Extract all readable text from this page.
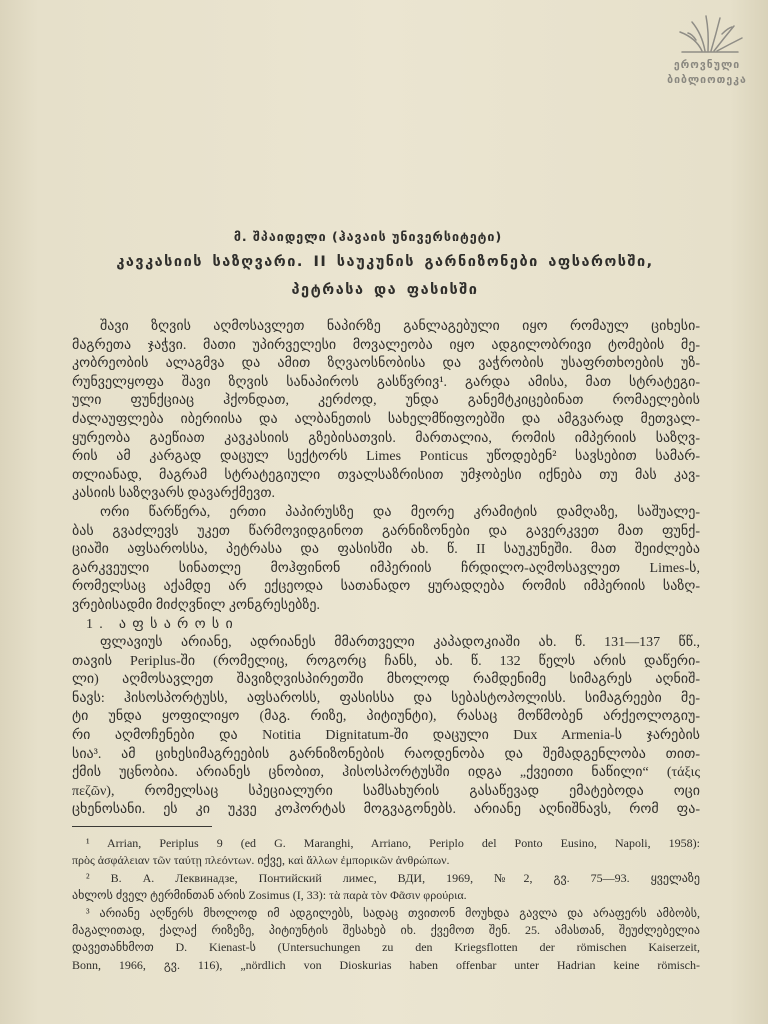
ეროვნული
ბიბლიოთეკა
მ. შპაიდელი (ჰავაის უნივერსიტეტი)
კავკასიის საზღვარი. II საუკუნის გარნიზონები აფსაროსში,
პეტრასა და ფასისში
შავი ზღვის აღმოსავლეთ ნაპირზე განლაგებული იყო რომაულ ციხესი-
მაგრეთა ჯაჭვი. მათი უპირველესი მოვალეობა იყო ადგილობრივი ტომების მე-
კობრეობის ალაგმვა და ამით ზღვაოსნობისა და ვაჭრობის უსაფრთხოების უზ-
რუნველყოფა შავი ზღვის სანაპიროს გასწვრივ¹. გარდა ამისა, მათ სტრატეგი-
ული ფუნქციაც ჰქონდათ, კერძოდ, უნდა განემტკიცებინათ რომაელების
ძალაუფლება იბერიისა და ალბანეთის სახელმწიფოებში და ამგვარად მეთვალ-
ყურეობა გაეწიათ კავკასიის გზებისათვის. მართალია, რომის იმპერიის საზღვ-
რის ამ კარგად დაცულ სექტორს Limes Ponticus უწოდებენ² სავსებით სამარ-
თლიანად, მაგრამ სტრატეგიული თვალსაზრისით უმჯობესი იქნება თუ მას კავ-
კასიის საზღვარს დავარქმევთ.
ორი წარწერა, ერთი პაპირუსზე და მეორე კრამიტის დამღაზე, საშუალე-
ბას გვაძლევს უკეთ წარმოვიდგინოთ გარნიზონები და გავერკვეთ მათ ფუნქ-
ციაში აფსაროსსა, პეტრასა და ფასისში ახ. წ. II საუკუნეში. მათ შეიძლება
გარკვეული სინათლე მოჰფინონ იმპერიის ჩრდილო-აღმოსავლეთ Limes-ს,
რომელსაც აქამდე არ ექცეოდა სათანადო ყურადღება რომის იმპერიის საზღ-
ვრებისადმი მიძღვნილ კონგრესებზე.
1. აფსაროსი
ფლავიუს არიანე, ადრიანეს მმართველი კაპადოკიაში ახ. წ. 131—137 წწ.,
თავის Periplus-ში (რომელიც, როგორც ჩანს, ახ. წ. 132 წელს არის დაწერი-
ლი) აღმოსავლეთ შავიზღვისპირეთში მხოლოდ რამდენიმე სიმაგრეს აღნიშ-
ნავს: ჰისოსპორტუსს, აფსაროსს, ფასისსა და სებასტოპოლისს. სიმაგრეები მე-
ტი უნდა ყოფილიყო (მაგ. რიზე, პიტიუნტი), რასაც მოწმობენ არქეოლოგიუ-
რი აღმოჩენები და Notitia Dignitatum-ში დაცული Dux Armenia-ს ჯარების
სია³. ამ ციხესიმაგრეების გარნიზონების რაოდენობა და შემადგენლობა თით-
ქმის უცნობია. არიანეს ცნობით, ჰისოსპორტუსში იდგა „ქვეითი ნაწილი“ (τάξις
πεζῶν), რომელსაც სპეციალური სამსახურის გასაწევად ემატებოდა ოცი
ცხენოსანი. ეს კი უკვე კოჰორტას მოგვაგონებს. არიანე აღნიშნავს, რომ ფა-
¹ Arrian, Periplus 9 (ed G. Maranghi, Arriano, Periplo del Ponto Eusino, Napoli, 1958):
πρὸς ἀσφάλειαν τῶν ταύτῃ πλεόντων. იქვე, καὶ ἄλλων ἐμπορικῶν ἀνθρώπων.
² В. А. Леквинадзе, Понтийский лимес, ВДИ, 1969, №2, გვ. 75—93. ყველაზე
ახლოს ძველ ტერმინთან არის Zosimus (I, 33): τὰ παρὰ τὸν Φᾶσιν φρούρια.
³ არიანე აღწერს მხოლოდ იმ ადგილებს, სადაც თვითონ მოუხდა გავლა და არაფერს ამბობს,
მაგალითად, ქალაქ რიზეზე, პიტიუნტის შესახებ იხ. ქვემოთ შენ. 25. ამასთან, შეუძლებელია
დავეთანხმოთ D. Kienast-ს (Untersuchungen zu den Kriegsflotten der römischen Kaiserzeit,
Bonn, 1966, გვ. 116), „nördlich von Dioskurias haben offenbar unter Hadrian keine römisch-
